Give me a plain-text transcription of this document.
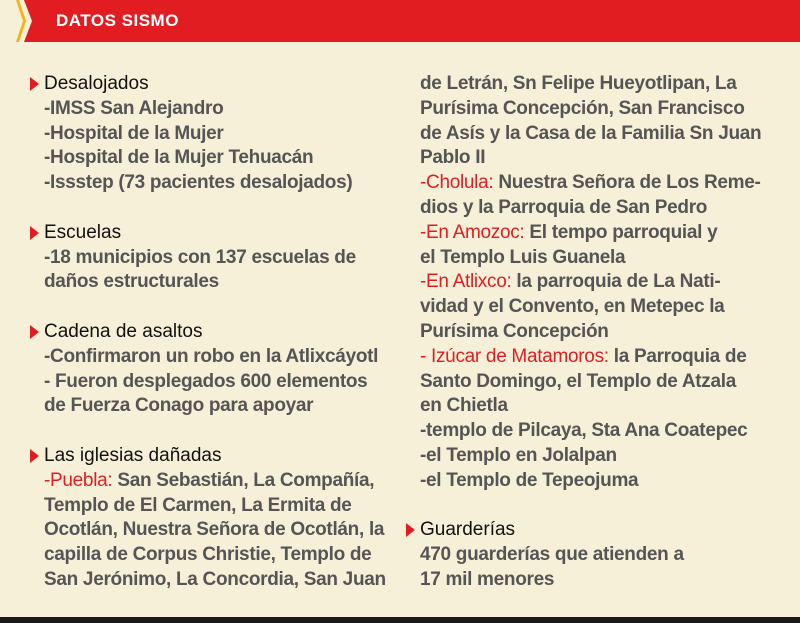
DATOS SISMO
Desalojados
-IMSS San Alejandro
-Hospital de la Mujer
-Hospital de la Mujer Tehuacán
-Issstep (73 pacientes desalojados)
Escuelas
-18 municipios con 137 escuelas de
daños estructurales
Cadena de asaltos
-Confirmaron un robo en la Atlixcáyotl
- Fueron desplegados 600 elementos
de Fuerza Conago para apoyar
Las iglesias dañadas
-Puebla: San Sebastián, La Compañía,
Templo de El Carmen, La Ermita de
Ocotlán, Nuestra Señora de Ocotlán, la
capilla de Corpus Christie, Templo de
San Jerónimo, La Concordia, San Juan
de Letrán, Sn Felipe Hueyotlipan, La
Purísima Concepción, San Francisco
de Asís y la Casa de la Familia Sn Juan
Pablo II
-Cholula: Nuestra Señora de Los Reme-
dios y la Parroquia de San Pedro
-En Amozoc: El tempo parroquial y
el Templo Luis Guanela
-En Atlixco: la parroquia de La Nati-
vidad y el Convento, en Metepec la
Purísima Concepción
- Izúcar de Matamoros: la Parroquia de
Santo Domingo, el Templo de Atzala
en Chietla
-templo de Pilcaya, Sta Ana Coatepec
-el Templo en Jolalpan
-el Templo de Tepeojuma
Guarderías
470 guarderías que atienden a
17 mil menores
